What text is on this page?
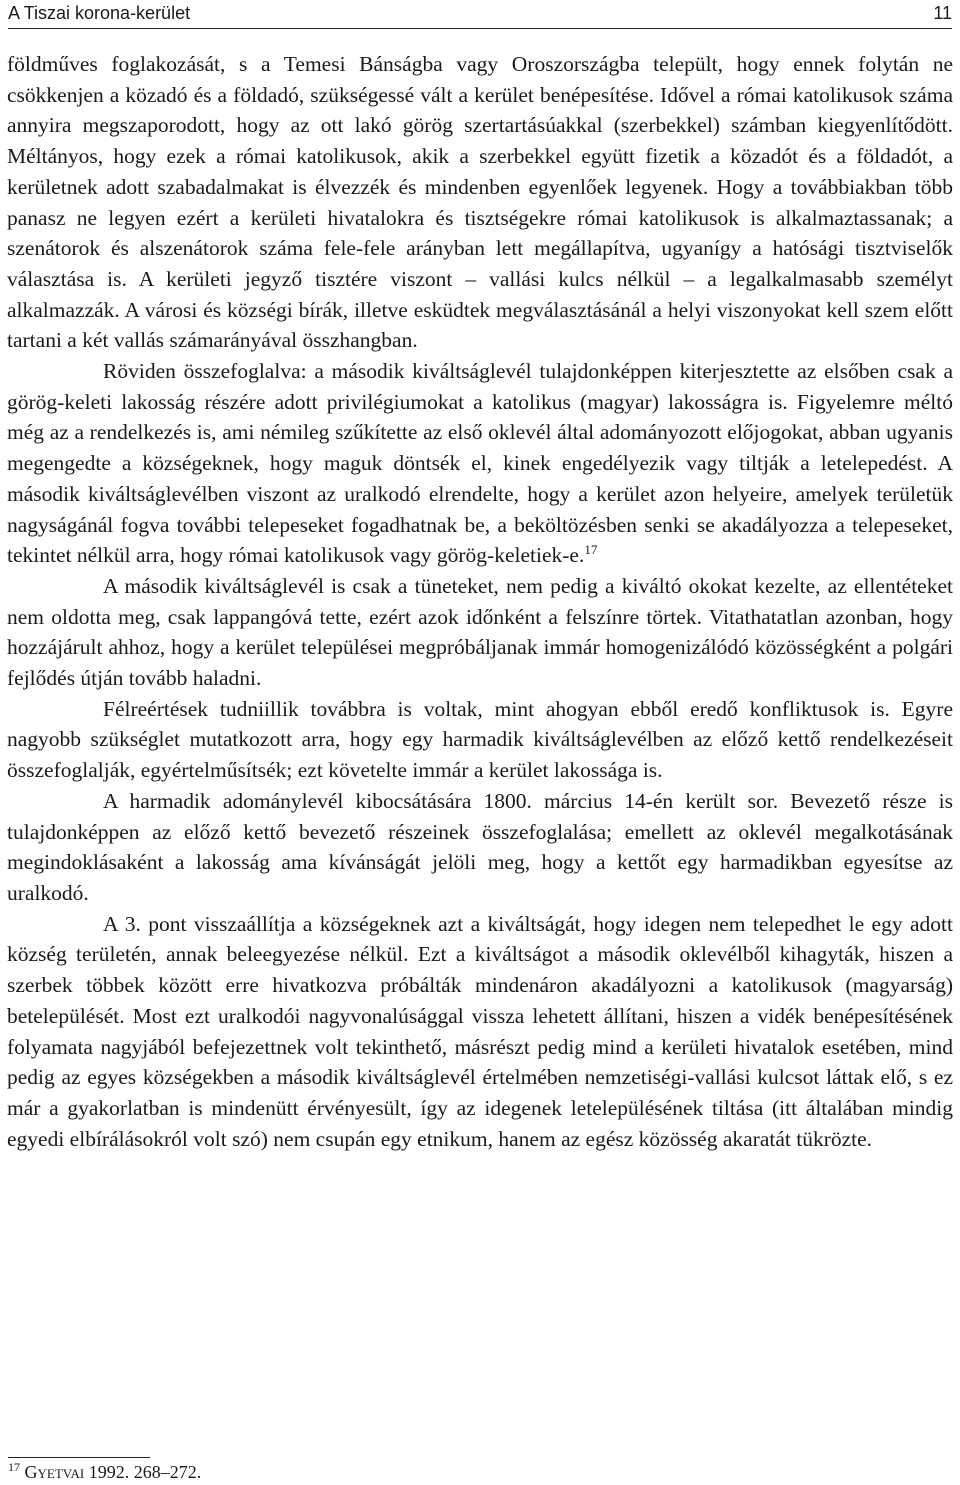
A Tiszai korona-kerület	11

földműves foglakozását, s a Temesi Bánságba vagy Oroszországba települt, hogy ennek folytán ne csökkenjen a közadó és a földadó, szükségessé vált a kerület benépesítése. Idővel a római katolikusok száma annyira megszaporodott, hogy az ott lakó görög szertartásúakkal (szerbekkel) számban kiegyenlítődött. Méltányos, hogy ezek a római katolikusok, akik a szerbekkel együtt fizetik a közadót és a földadót, a kerületnek adott szabadalmakat is élvezzék és mindenben egyenlőek legyenek. Hogy a továbbiakban több panasz ne legyen ezért a kerületi hivatalokra és tisztségekre római katolikusok is alkalmaztassanak; a szenátorok és alszenátorok száma fele-fele arányban lett megállapítva, ugyanígy a hatósági tisztviselők választása is. A kerületi jegyző tisztére viszont – vallási kulcs nélkül – a legalkalmasabb személyt alkalmazzák. A városi és községi bírák, illetve esküdtek megválasztásánál a helyi viszonyokat kell szem előtt tartani a két vallás számarányával összhangban.

Röviden összefoglalva: a második kiváltságlevél tulajdonképpen kiterjesztette az elsőben csak a görög-keleti lakosság részére adott privilégiumokat a katolikus (magyar) lakosságra is. Figyelemre méltó még az a rendelkezés is, ami némileg szűkítette az első oklevél által adományozott előjogokat, abban ugyanis megengedte a községeknek, hogy maguk döntsék el, kinek engedélyezik vagy tiltják a letelepedést. A második kiváltságlevélben viszont az uralkodó elrendelte, hogy a kerület azon helyeire, amelyek területük nagyságánál fogva további telepeseket fogadhatnak be, a beköltözésben senki se akadályozza a telepeseket, tekintet nélkül arra, hogy római katolikusok vagy görög-keletiek-e.$^{17}$

A második kiváltságlevél is csak a tüneteket, nem pedig a kiváltó okokat kezelte, az ellentéteket nem oldotta meg, csak lappangóvá tette, ezért azok időnként a felszínre törtek. Vitathatatlan azonban, hogy hozzájárult ahhoz, hogy a kerület települései megpróbáljanak immár homogenizálódó közösségként a polgári fejlődés útján tovább haladni.

Félreértések tudniillik továbbra is voltak, mint ahogyan ebből eredő konfliktusok is. Egyre nagyobb szükséglet mutatkozott arra, hogy egy harmadik kiváltságlevélben az előző kettő rendelkezéseit összefoglalják, egyértelműsítsék; ezt követelte immár a kerület lakossága is.

A harmadik adománylevél kibocsátására 1800. március 14-én került sor. Bevezető része is tulajdonképpen az előző kettő bevezető részeinek összefoglalása; emellett az oklevél megalkotásának megindoklásaként a lakosság ama kívánságát jelöli meg, hogy a kettőt egy harmadikban egyesítse az uralkodó.

A 3. pont visszaállítja a községeknek azt a kiváltságát, hogy idegen nem telepedhet le egy adott község területén, annak beleegyezése nélkül. Ezt a kiváltságot a második oklevélből kihagyták, hiszen a szerbek többek között erre hivatkozva próbálták mindenáron akadályozni a katolikusok (magyarság) betelepülését. Most ezt uralkodói nagyvonalúsággal vissza lehetett állítani, hiszen a vidék benépesítésének folyamata nagyjából befejezettnek volt tekinthető, másrészt pedig mind a kerületi hivatalok esetében, mind pedig az egyes községekben a második kiváltságlevél értelmében nemzetiségi-vallási kulcsot láttak elő, s ez már a gyakorlatban is mindenütt érvényesült, így az idegenek letelepülésének tiltása (itt általában mindig egyedi elbírálásokról volt szó) nem csupán egy etnikum, hanem az egész közösség akaratát tükrözte.

$^{17}$ Gyetvai 1992. 268–272.
